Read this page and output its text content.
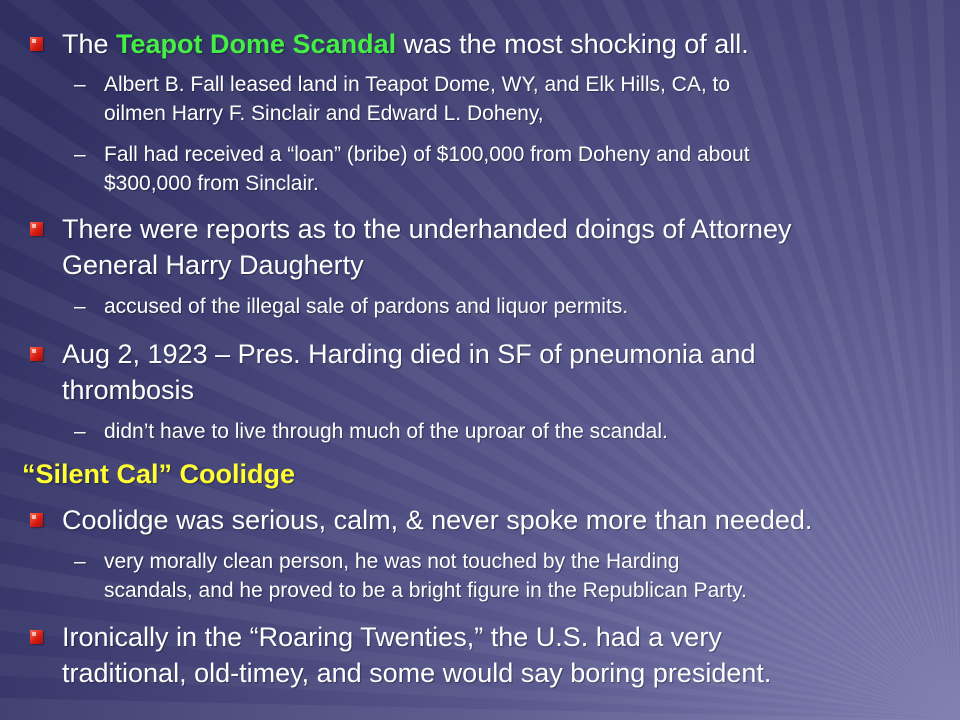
The Teapot Dome Scandal was the most shocking of all.
– Albert B. Fall leased land in Teapot Dome, WY, and Elk Hills, CA, to
oilmen Harry F. Sinclair and Edward L. Doheny,
– Fall had received a “loan” (bribe) of $100,000 from Doheny and about
$300,000 from Sinclair.
There were reports as to the underhanded doings of Attorney
General Harry Daugherty
– accused of the illegal sale of pardons and liquor permits.
Aug 2, 1923 – Pres. Harding died in SF of pneumonia and
thrombosis
– didn’t have to live through much of the uproar of the scandal.
“Silent Cal” Coolidge
Coolidge was serious, calm, & never spoke more than needed.
– very morally clean person, he was not touched by the Harding
scandals, and he proved to be a bright figure in the Republican Party.
Ironically in the “Roaring Twenties,” the U.S. had a very
traditional, old-timey, and some would say boring president.
